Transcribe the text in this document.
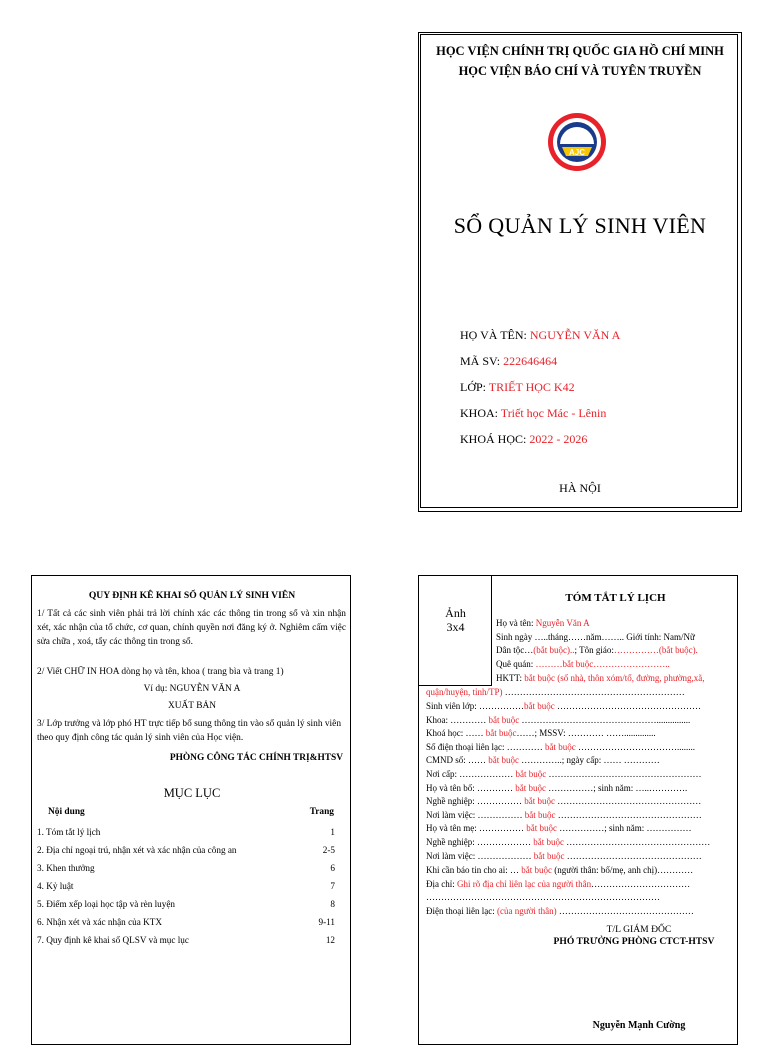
HỌC VIỆN CHÍNH TRỊ QUỐC GIA HỒ CHÍ MINH
HỌC VIỆN BÁO CHÍ VÀ TUYÊN TRUYỀN
AJC
SỔ QUẢN LÝ SINH VIÊN
HỌ VÀ TÊN: NGUYỄN VĂN A
MÃ SV: 222646464
LỚP: TRIẾT HỌC K42
KHOA: Triết học Mác - Lênin
KHOÁ HỌC: 2022 - 2026
HÀ NỘI
QUY ĐỊNH KÊ KHAI SỔ QUẢN LÝ SINH VIÊN
1/ Tất cả các sinh viên phải trả lời chính xác các thông tin trong sổ và xin nhận xét, xác nhận của tổ chức, cơ quan, chính quyền nơi đăng ký ở. Nghiêm cấm việc sửa chữa , xoá, tẩy các thông tin trong sổ.
2/ Viết CHỮ IN HOA dòng họ và tên, khoa ( trang bìa và trang 1)
Ví dụ: NGUYỄN VĂN A
XUẤT BẢN
3/ Lớp trưởng và lớp phó HT trực tiếp bổ sung thông tin vào sổ quản lý sinh viên theo quy định công tác quản lý sinh viên của Học viện.
PHÒNG CÔNG TÁC CHÍNH TRỊ&HTSV
MỤC LỤC
Nội dung	Trang
1. Tóm tắt lý lịch	1
2. Địa chỉ ngoại trú, nhận xét và xác nhận của công an	2-5
3. Khen thưởng	6
4. Kỷ luật	7
5. Điểm xếp loại học tập và rèn luyện	8
6. Nhận xét và xác nhận của KTX	9-11
7. Quy định kê khai sổ QLSV và mục lục	12
Ảnh
3x4
TÓM TẮT LÝ LỊCH
Họ và tên: Nguyễn Văn A
Sinh ngày …..tháng……năm…….. Giới tính: Nam/Nữ
Dân tộc…(bắt buộc)..; Tôn giáo:……………(bắt buộc).
Quê quán: ………bắt buộc……………………..
HKTT: bắt buộc (số nhà, thôn xóm/tổ, đường, phường,xã, quận/huyện, tỉnh/TP) ……………………………………………………
Sinh viên lớp: ……………bắt buộc …………………………………………
Khoa: ………… bắt buộc ………………………………………...............
Khoá học: …… bắt buộc……; MSSV: ………… ……..............
Số điện thoại liên lạc: ………… bắt buộc ……………………………........
CMND số: …… bắt buộc …………..; ngày cấp: …… …………
Nơi cấp: ……………… bắt buộc ……………………………………………
Họ và tên bố: ………… bắt buộc ……………; sinh năm: …..………….
Nghề nghiệp: …………… bắt buộc …………………………………………
Nơi làm việc: …………… bắt buộc …………………………………………
Họ và tên mẹ: …………… bắt buộc ……………; sinh năm: ……………
Nghề nghiệp: ……………… bắt buộc …………………………………………
Nơi làm việc: ……………… bắt buộc ………………………………………
Khi cần báo tin cho ai: … bắt buộc (người thân: bố/mẹ, anh chị)…………
Địa chỉ: Ghi rõ địa chỉ liên lạc của người thân……………………………
……………………………………………………………………
Điện thoại liên lạc: (của người thân) ………………………………………
T/L GIÁM ĐỐC
PHÓ TRƯỞNG PHÒNG CTCT-HTSV
Nguyễn Mạnh Cường
